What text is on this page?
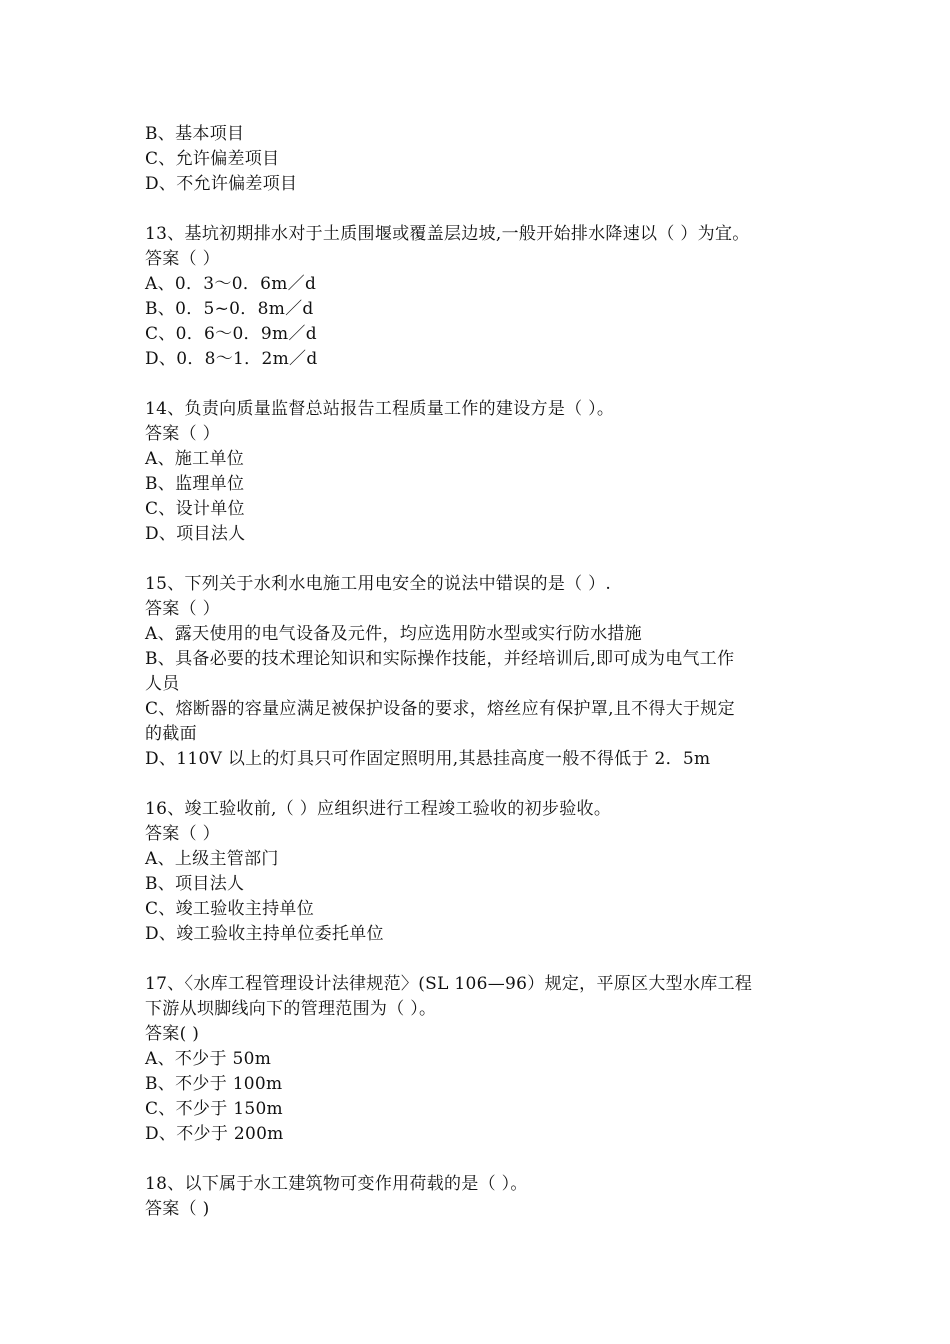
B、基本项目
C、允许偏差项目
D、不允许偏差项目
13、基坑初期排水对于土质围堰或覆盖层边坡,一般开始排水降速以（ ）为宜。
答案（ ）
A、0．3～0．6m／d
B、0．5~0．8m／d
C、0．6～0．9m／d
D、0．8～1．2m／d
14、负责向质量监督总站报告工程质量工作的建设方是（ ）。
答案（ ）
A、施工单位
B、监理单位
C、设计单位
D、项目法人
15、下列关于水利水电施工用电安全的说法中错误的是（ ）.
答案（ ）
A、露天使用的电气设备及元件，均应选用防水型或实行防水措施
B、具备必要的技术理论知识和实际操作技能，并经培训后,即可成为电气工作
人员
C、熔断器的容量应满足被保护设备的要求，熔丝应有保护罩,且不得大于规定
的截面
D、110V 以上的灯具只可作固定照明用,其悬挂高度一般不得低于 2．5m
16、竣工验收前,（ ）应组织进行工程竣工验收的初步验收。
答案（ ）
A、上级主管部门
B、项目法人
C、竣工验收主持单位
D、竣工验收主持单位委托单位
17、〈水库工程管理设计法律规范〉(SL 106—96）规定，平原区大型水库工程
下游从坝脚线向下的管理范围为（ ）。
答案( )
A、不少于 50m
B、不少于 100m
C、不少于 150m
D、不少于 200m
18、以下属于水工建筑物可变作用荷载的是（ ）。
答案（ )
